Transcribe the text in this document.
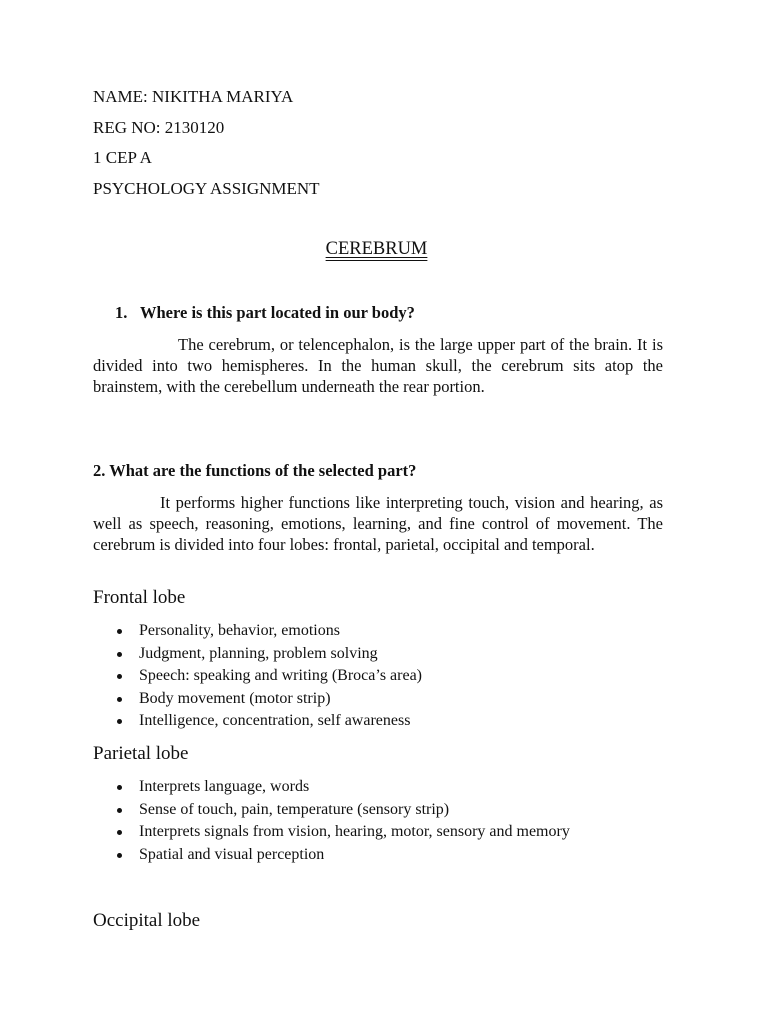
NAME: NIKITHA MARIYA
REG NO: 2130120
1 CEP A
PSYCHOLOGY ASSIGNMENT
CEREBRUM
1. Where is this part located in our body?
The cerebrum, or telencephalon, is the large upper part of the brain. It is divided into two hemispheres. In the human skull, the cerebrum sits atop the brainstem, with the cerebellum underneath the rear portion.
2. What are the functions of the selected part?
It performs higher functions like interpreting touch, vision and hearing, as well as speech, reasoning, emotions, learning, and fine control of movement. The cerebrum is divided into four lobes: frontal, parietal, occipital and temporal.
Frontal lobe
Personality, behavior, emotions
Judgment, planning, problem solving
Speech: speaking and writing (Broca’s area)
Body movement (motor strip)
Intelligence, concentration, self awareness
Parietal lobe
Interprets language, words
Sense of touch, pain, temperature (sensory strip)
Interprets signals from vision, hearing, motor, sensory and memory
Spatial and visual perception
Occipital lobe
